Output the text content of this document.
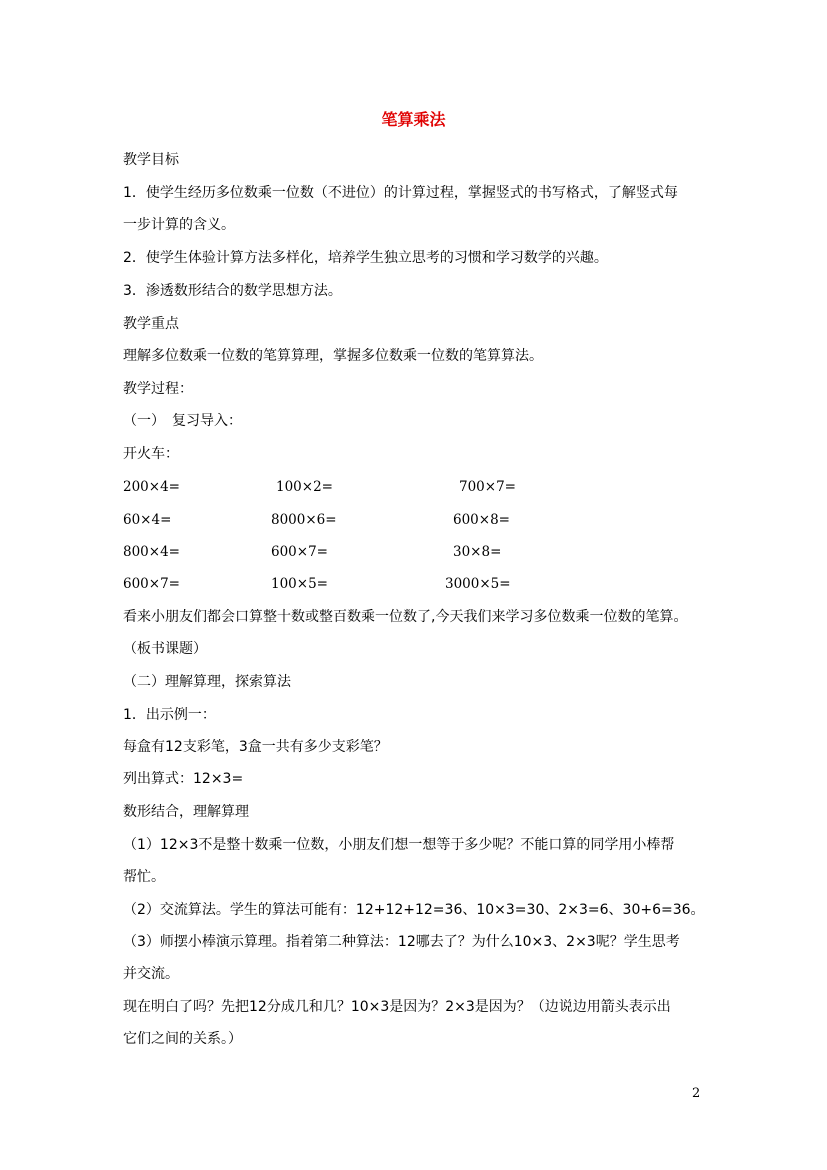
笔算乘法
教学目标
1．使学生经历多位数乘一位数（不进位）的计算过程，掌握竖式的书写格式，了解竖式每
一步计算的含义。
2．使学生体验计算方法多样化，培养学生独立思考的习惯和学习数学的兴趣。
3．渗透数形结合的数学思想方法。
教学重点
理解多位数乘一位数的笔算算理，掌握多位数乘一位数的笔算算法。
教学过程：
（一）　复习导入：
开火车：
200×4=	100×2=	700×7=
60×4=	8000×6=	600×8=
800×4=	600×7=	30×8=
600×7=	100×5=	3000×5=
看来小朋友们都会口算整十数或整百数乘一位数了,今天我们来学习多位数乘一位数的笔算。
（板书课题）
（二）理解算理，探索算法
1．出示例一：
每盒有12支彩笔，3盒一共有多少支彩笔？
列出算式：12×3=
数形结合，理解算理
（1）12×3不是整十数乘一位数，小朋友们想一想等于多少呢？不能口算的同学用小棒帮
帮忙。
（2）交流算法。学生的算法可能有：12+12+12=36、10×3=30、2×3=6、30+6=36。
（3）师摆小棒演示算理。指着第二种算法：12哪去了？为什么10×3、2×3呢？学生思考
并交流。
现在明白了吗？先把12分成几和几？10×3是因为？2×3是因为？（边说边用箭头表示出
它们之间的关系。）
2
